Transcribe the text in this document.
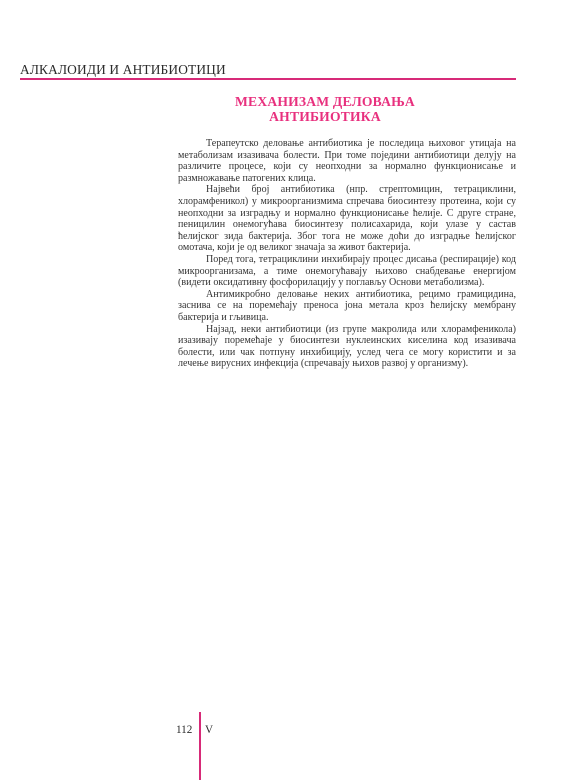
АЛКАЛОИДИ И АНТИБИОТИЦИ
МЕХАНИЗАМ ДЕЛОВАЊА
АНТИБИОТИКА

Терапеутско деловање антибиотика је последица њиховог утицаја на метаболизам изазивача болести. При томе поједини антибиотици делују на различите процесе, који су неопходни за нормално функционисање и размножавање патогених клица.

Највећи број антибиотика (нпр. стрептомицин, тетрациклини, хлорамфеникол) у микроорганизмима спречава биосинтезу протеина, који су неопходни за изградњу и нормално функционисање ћелије. С друге стране, пеницилин онемогућава биосинтезу полисахарида, који улазе у састав ћелијског зида бактерија. Због тога не може доћи до изградње ћелијског омотача, који је од великог значаја за живот бактерија.

Поред тога, тетрациклини инхибирају процес дисања (респирације) код микроорганизама, а тиме онемогућавају њихово снабдевање енергијом (видети оксидативну фосфорилацију у поглављу Основи метаболизма).

Антимикробно деловање неких антибиотика, рецимо грамицидина, заснива се на поремећају преноса јона метала кроз ћелијску мембрану бактерија и гљивица.

Најзад, неки антибиотици (из групе макролида или хлорамфеникола) изазивају поремећаје у биосинтези нуклеинских киселина код изазивача болести, или чак потпуну инхибицију, услед чега се могу користити и за лечење вирусних инфекција (спречавају њихов развој у организму).

112 V
